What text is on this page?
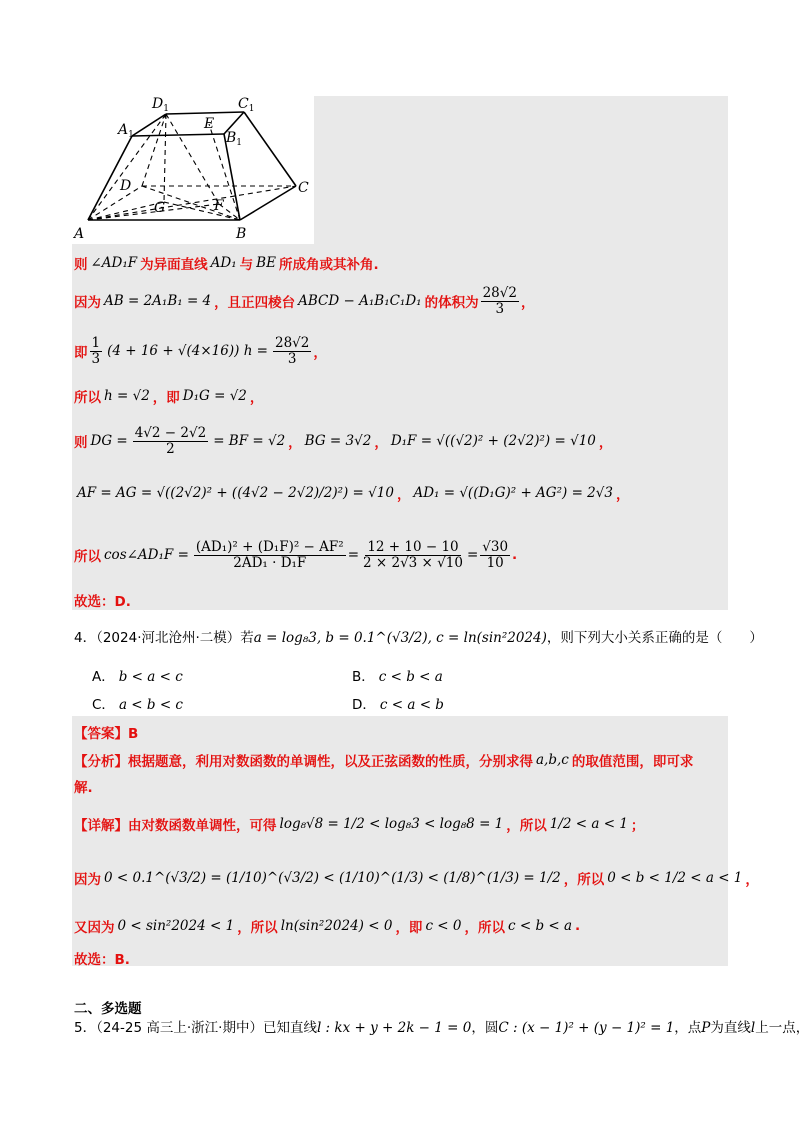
$D_1$	$C_1$
$A_1$
E
$B_1$
D	C
G	F
A	B
则 ∠AD₁F 为异面直线 AD₁ 与 BE 所成角或其补角.
因为 AB = 2A₁B₁ = 4 ，且正四棱台 ABCD − A₁B₁C₁D₁ 的体积为 $\frac{28√2}{3}$ ，
即 $\frac{1}{3} (4 + 16 + √(4\times 16)) h = \frac{28√2}{3}$ ，
所以 h = √2 ，即 D₁G = √2 ，
则 DG = $\frac{4√2 - 2√2}{2}$ = BF = √2 ， BG = 3√2 ， D₁F = √((√2)² + (2√2)²) = √10 ，
AF = AG = √((2√2)² + ((4√2 − 2√2)/2)²) = √10 ， AD₁ = √((D₁G)² + AG²) = 2√3 ，
所以 cos∠AD₁F = $\frac{\text{(AD₁)² + (D₁F)² − AF²}}{\text{2AD₁ · D₁F}} = \frac{12 + 10 - 10}{2 \times 2√3 \times √10} = \frac{√30}{10}$ .
故选：D.
4．（2024·河北沧州·二模）若a = log₈3, b = 0.1^(√3/2), c = ln(sin²2024)，则下列大小关系正确的是（　　）
A． b < a < c	B． c < b < a
C． a < b < c	D． c < a < b
【答案】B
【分析】根据题意，利用对数函数的单调性，以及正弦函数的性质，分别求得 a,b,c 的取值范围，即可求
解.
【详解】由对数函数单调性，可得 log₈√8 = 1/2 < log₈3 < log₈8 = 1 ，所以 1/2 < a < 1 ；
因为 0 < 0.1^(√3/2) = (1/10)^(√3/2) < (1/10)^(1/3) < (1/8)^(1/3) = 1/2 ，所以 0 < b < 1/2 < a < 1 ，
又因为 0 < sin²2024 < 1 ，所以 ln(sin²2024) < 0 ，即 c < 0 ，所以 c < b < a .
故选：B.
二、多选题
5．（24-25 高三上·浙江·期中）已知直线l : kx + y + 2k − 1 = 0，圆C : (x − 1)² + (y − 1)² = 1，点P为直线l上一点，
